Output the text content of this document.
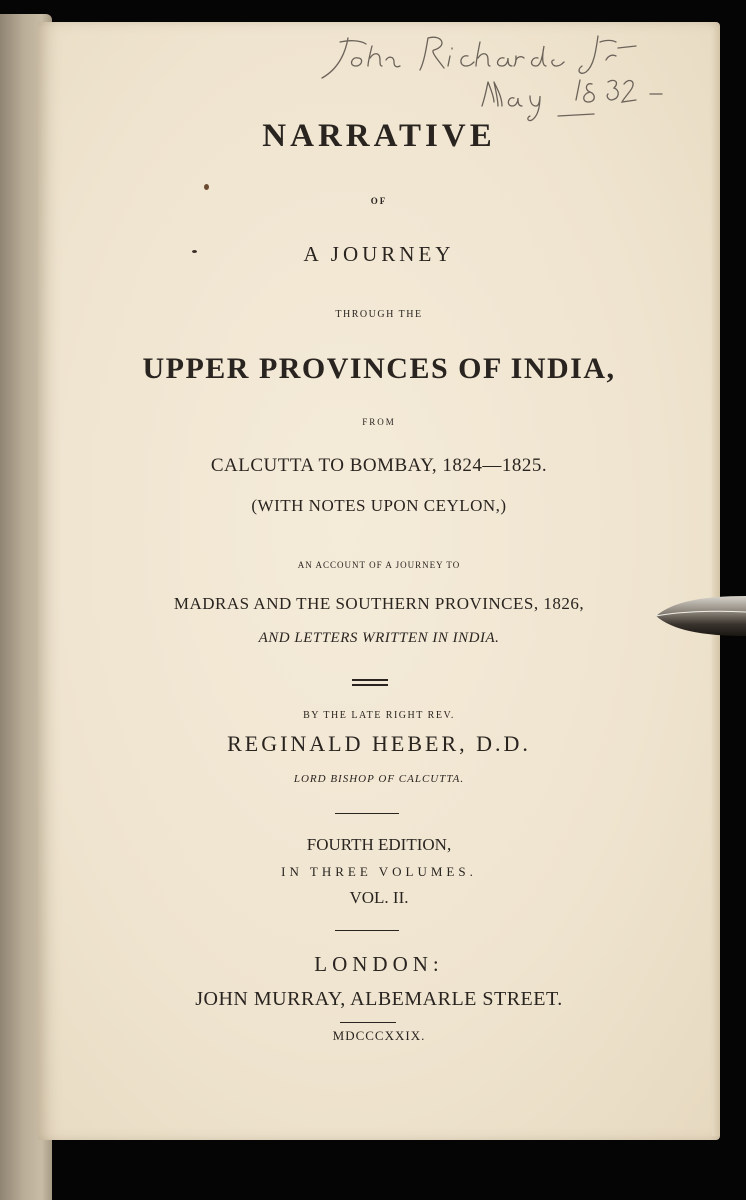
NARRATIVE
OF
A JOURNEY
THROUGH THE
UPPER PROVINCES OF INDIA,
FROM
CALCUTTA TO BOMBAY, 1824—1825.
(WITH NOTES UPON CEYLON,)
AN ACCOUNT OF A JOURNEY TO
MADRAS AND THE SOUTHERN PROVINCES, 1826,
AND LETTERS WRITTEN IN INDIA.
BY THE LATE RIGHT REV.
REGINALD HEBER, D.D.
LORD BISHOP OF CALCUTTA.
FOURTH EDITION,
IN THREE VOLUMES.
VOL. II.
LONDON:
JOHN MURRAY, ALBEMARLE STREET.
MDCCCXXIX.
